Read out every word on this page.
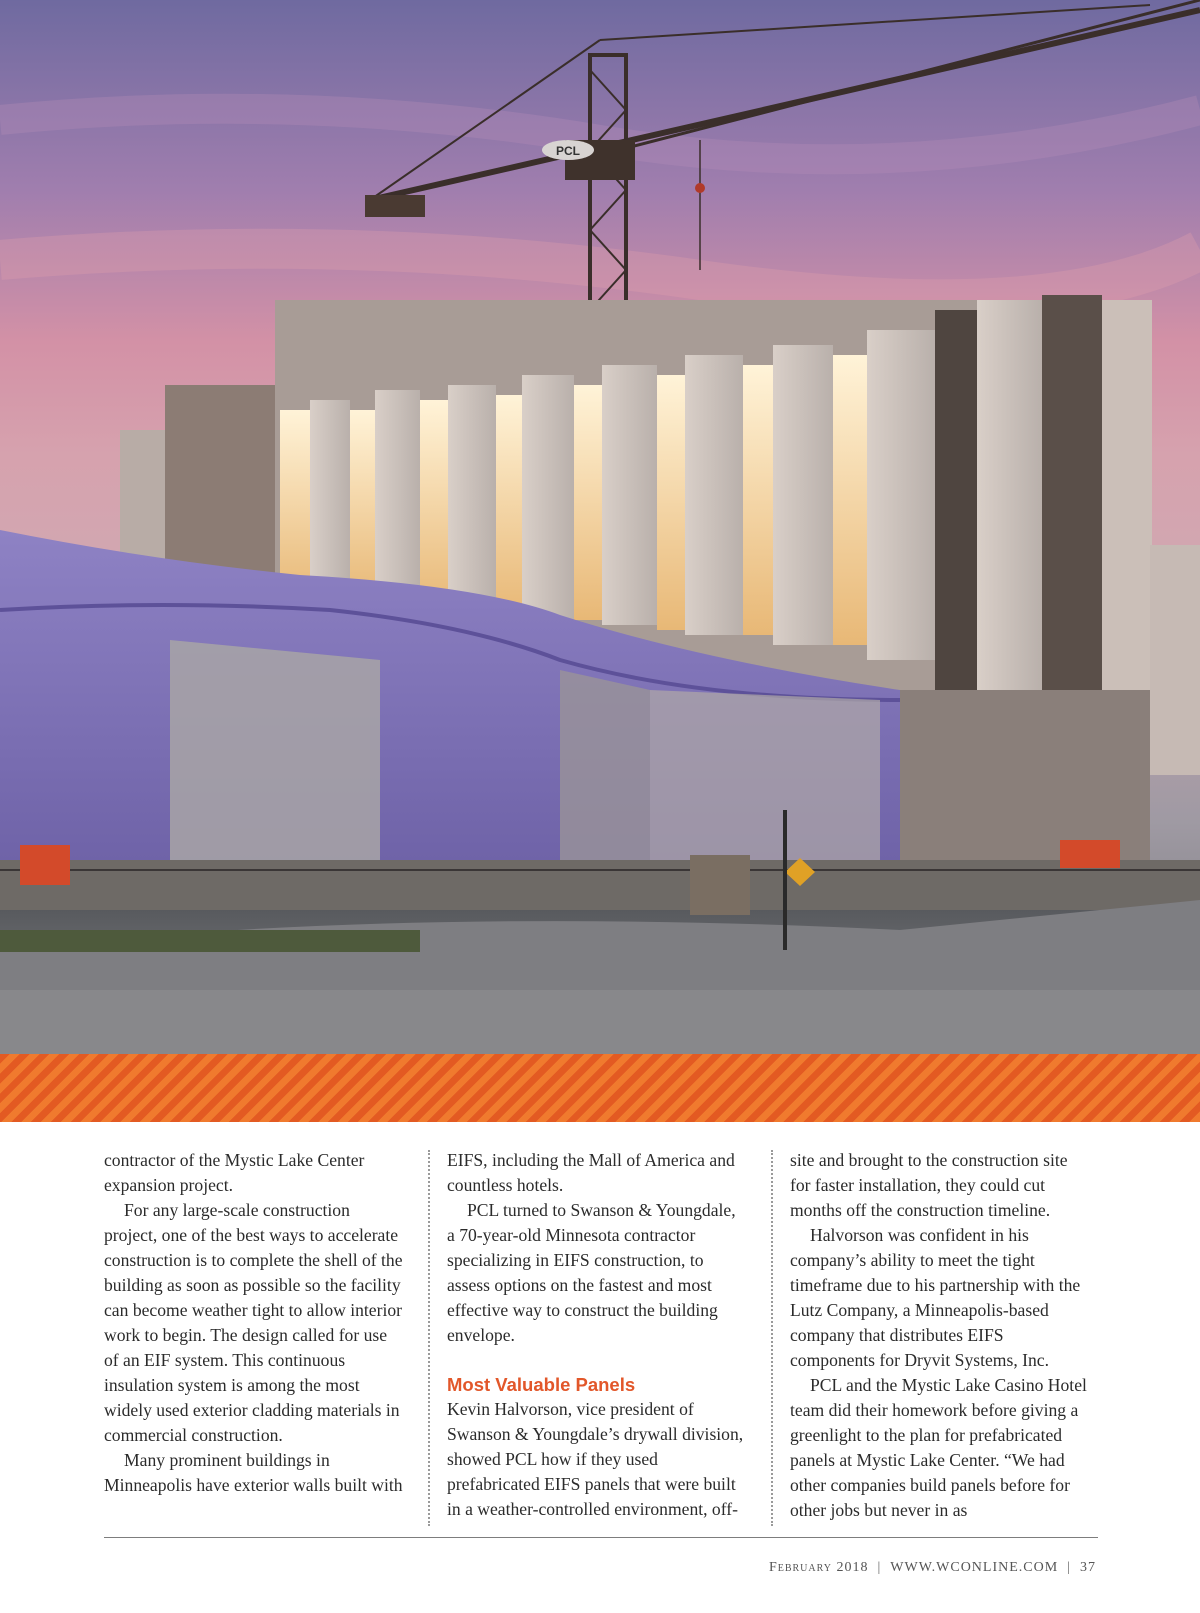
PCL

contractor of the Mystic Lake Center expansion project.

For any large-scale construction project, one of the best ways to accelerate construction is to complete the shell of the building as soon as possible so the facility can become weather tight to allow interior work to begin. The design called for use of an EIF system. This continuous insulation system is among the most widely used exterior cladding materials in commercial construction.

Many prominent buildings in Minneapolis have exterior walls built with

EIFS, including the Mall of America and countless hotels.

PCL turned to Swanson & Youngdale, a 70-year-old Minnesota contractor specializing in EIFS construction, to assess options on the fastest and most effective way to construct the building envelope.

Most Valuable Panels

Kevin Halvorson, vice president of Swanson & Youngdale’s drywall division, showed PCL how if they used prefabricated EIFS panels that were built in a weather-controlled environment, off-

site and brought to the construction site for faster installation, they could cut months off the construction timeline.

Halvorson was confident in his company’s ability to meet the tight timeframe due to his partnership with the Lutz Company, a Minneapolis-based company that distributes EIFS components for Dryvit Systems, Inc.

PCL and the Mystic Lake Casino Hotel team did their homework before giving a greenlight to the plan for prefabricated panels at Mystic Lake Center. “We had other companies build panels before for other jobs but never in as

February 2018 | WWW.WCONLINE.COM | 37
